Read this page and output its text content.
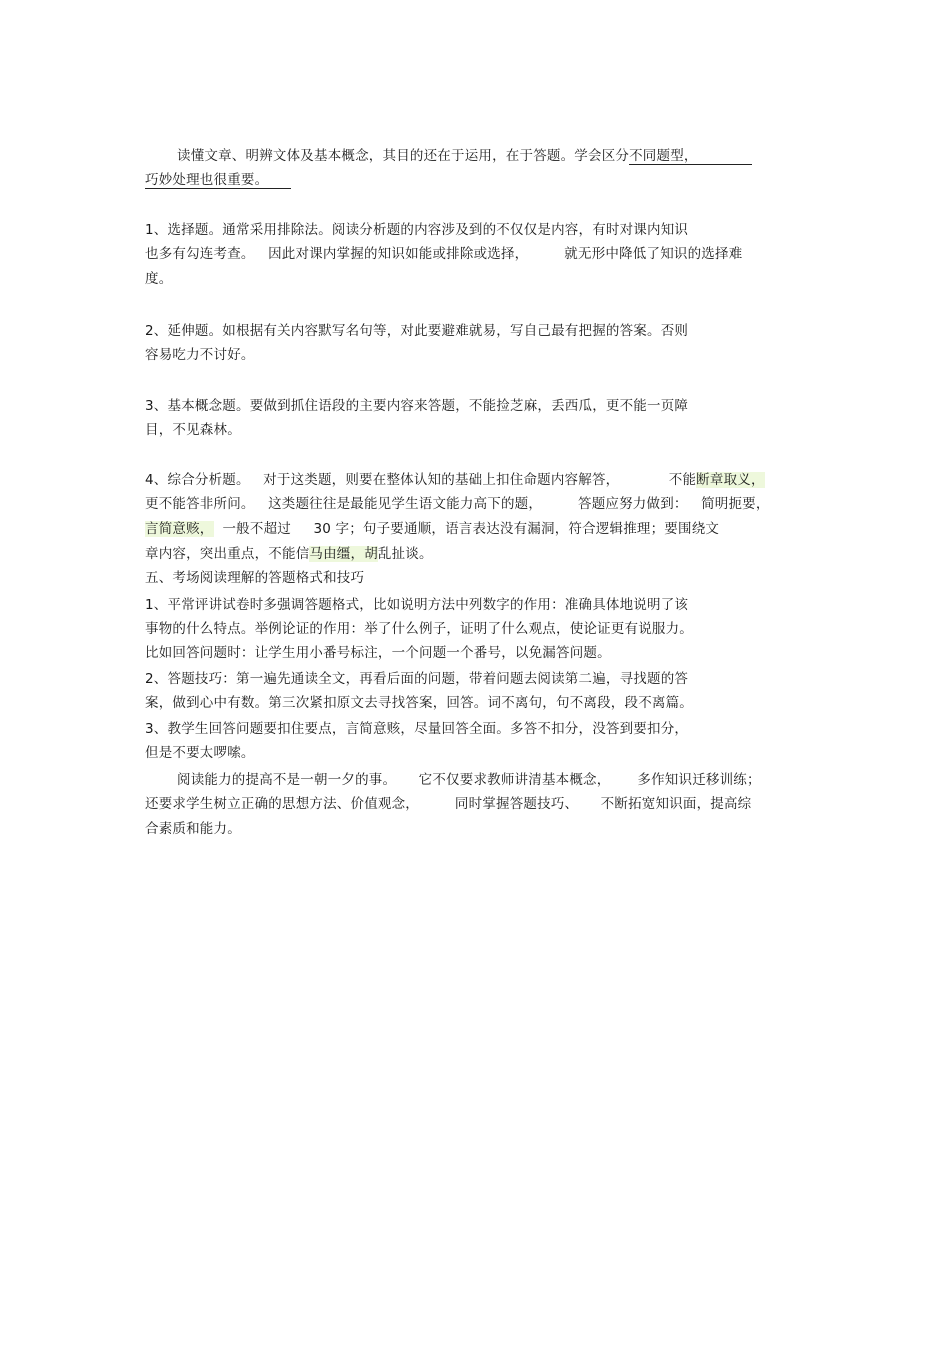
读懂文章、明辨文体及基本概念，其目的还在于运用，在于答题。学会区分不同题型，
巧妙处理也很重要。
1、选择题。通常采用排除法。阅读分析题的内容涉及到的不仅仅是内容，有时对课内知识
也多有勾连考查。   因此对课内掌握的知识如能或排除或选择，        就无形中降低了知识的选择难
度。
2、延伸题。如根据有关内容默写名句等，对此要避难就易，写自己最有把握的答案。否则
容易吃力不讨好。
3、基本概念题。要做到抓住语段的主要内容来答题，不能捡芝麻，丢西瓜，更不能一页障
目，不见森林。
4、综合分析题。   对于这类题，则要在整体认知的基础上扣住命题内容解答，           不能断章取义，
更不能答非所问。   这类题往往是最能见学生语文能力高下的题，        答题应努力做到：   简明扼要，
言简意赅，  一般不超过     30 字；句子要通顺，语言表达没有漏洞，符合逻辑推理；要围绕文
章内容，突出重点，不能信马由缰，胡乱扯谈。
五、考场阅读理解的答题格式和技巧
1、平常评讲试卷时多强调答题格式，比如说明方法中列数字的作用：准确具体地说明了该
事物的什么特点。举例论证的作用：举了什么例子，证明了什么观点，使论证更有说服力。
比如回答问题时：让学生用小番号标注，一个问题一个番号，以免漏答问题。
2、答题技巧：第一遍先通读全文，再看后面的问题，带着问题去阅读第二遍，寻找题的答
案，做到心中有数。第三次紧扣原文去寻找答案，回答。词不离句，句不离段，段不离篇。
3、教学生回答问题要扣住要点，言简意赅，尽量回答全面。多答不扣分，没答到要扣分，
但是不要太啰嗦。
阅读能力的提高不是一朝一夕的事。     它不仅要求教师讲清基本概念，      多作知识迁移训练；
还要求学生树立正确的思想方法、价值观念，        同时掌握答题技巧、     不断拓宽知识面，提高综
合素质和能力。
